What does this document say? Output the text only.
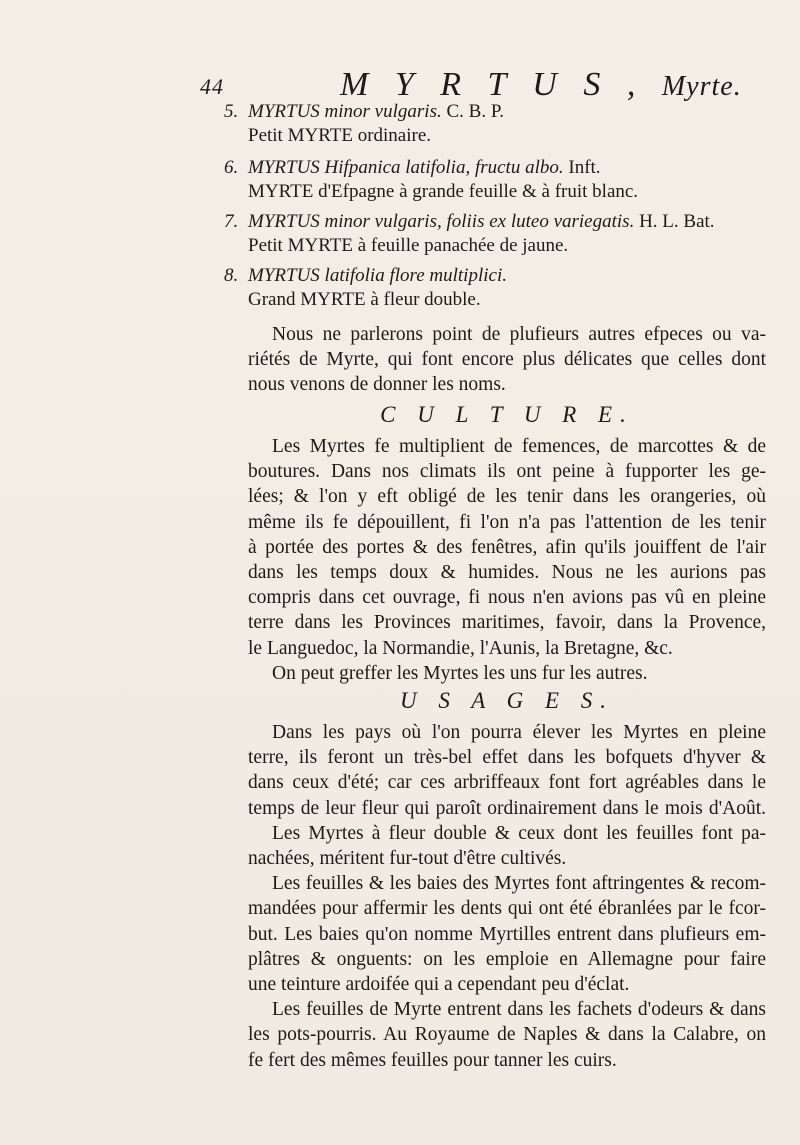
44	M Y R T U S , Myrte.
5. MYRTUS minor vulgaris. C. B. P.
Petit MYRTE ordinaire.
6. MYRTUS Hifpanica latifolia, fructu albo. Inft.
MYRTE d'Efpagne à grande feuille & à fruit blanc.
7. MYRTUS minor vulgaris, foliis ex luteo variegatis. H. L. Bat.
Petit MYRTE à feuille panachée de jaune.
8. MYRTUS latifolia flore multiplici.
Grand MYRTE à fleur double.

Nous ne parlerons point de plufieurs autres efpeces ou va-
riétés de Myrte, qui font encore plus délicates que celles dont
nous venons de donner les noms.

C U L T U R E.

Les Myrtes fe multiplient de femences, de marcottes & de
boutures. Dans nos climats ils ont peine à fupporter les ge-
lées; & l'on y eft obligé de les tenir dans les orangeries, où
même ils fe dépouillent, fi l'on n'a pas l'attention de les tenir
à portée des portes & des fenêtres, afin qu'ils jouiffent de l'air
dans les temps doux & humides. Nous ne les aurions pas
compris dans cet ouvrage, fi nous n'en avions pas vû en pleine
terre dans les Provinces maritimes, favoir, dans la Provence,
le Languedoc, la Normandie, l'Aunis, la Bretagne, &c.
On peut greffer les Myrtes les uns fur les autres.

U S A G E S.

Dans les pays où l'on pourra élever les Myrtes en pleine
terre, ils feront un très-bel effet dans les bofquets d'hyver &
dans ceux d'été; car ces arbriffeaux font fort agréables dans le
temps de leur fleur qui paroît ordinairement dans le mois d'Août.
Les Myrtes à fleur double & ceux dont les feuilles font pa-
nachées, méritent fur-tout d'être cultivés.
Les feuilles & les baies des Myrtes font aftringentes & recom-
mandées pour affermir les dents qui ont été ébranlées par le fcor-
but. Les baies qu'on nomme Myrtilles entrent dans plufieurs em-
plâtres & onguents: on les emploie en Allemagne pour faire
une teinture ardoifée qui a cependant peu d'éclat.
Les feuilles de Myrte entrent dans les fachets d'odeurs & dans
les pots-pourris. Au Royaume de Naples & dans la Calabre, on
fe fert des mêmes feuilles pour tanner les cuirs.
